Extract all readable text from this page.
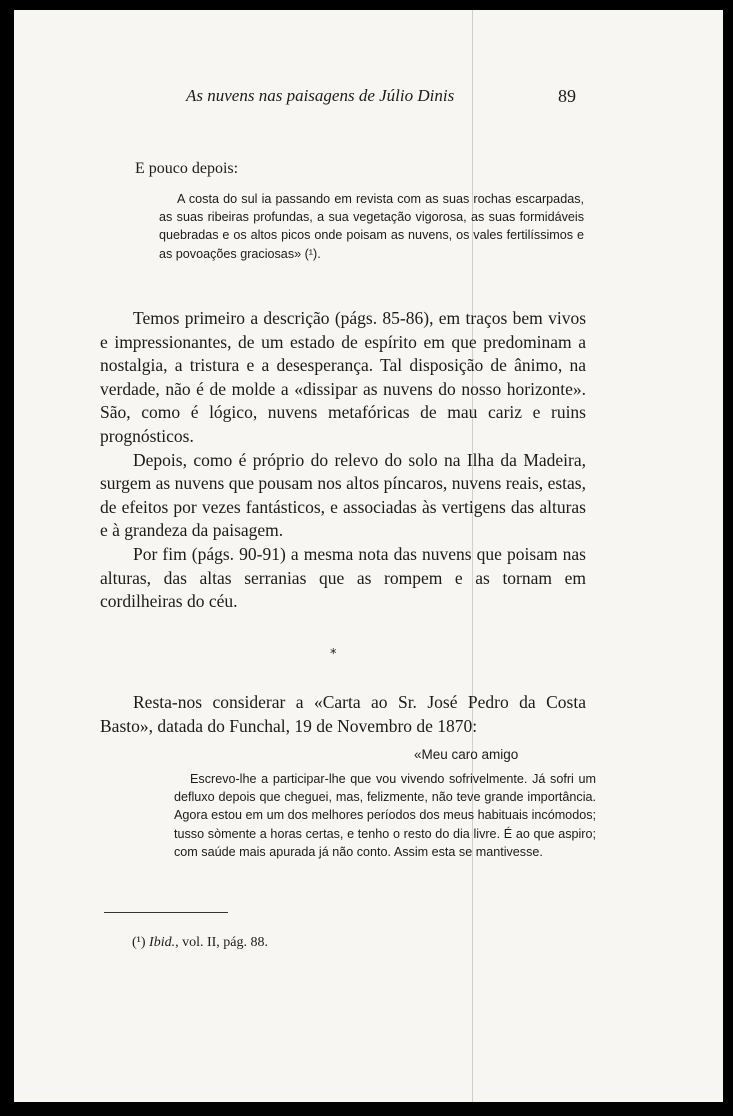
As nuvens nas paisagens de Júlio Dinis	89
E pouco depois:
A costa do sul ia passando em revista com as suas rochas escarpadas, as suas ribeiras profundas, a sua vegetação vigorosa, as suas formidáveis quebradas e os altos picos onde poisam as nuvens, os vales fertilíssimos e as povoações graciosas» (¹).

Temos primeiro a descrição (págs. 85-86), em traços bem vivos e impressionantes, de um estado de espírito em que predominam a nostalgia, a tristura e a desesperança. Tal disposição de ânimo, na verdade, não é de molde a «dissipar as nuvens do nosso horizonte». São, como é lógico, nuvens metafóricas de mau cariz e ruins prognósticos.

Depois, como é próprio do relevo do solo na Ilha da Madeira, surgem as nuvens que pousam nos altos píncaros, nuvens reais, estas, de efeitos por vezes fantásticos, e associadas às vertigens das alturas e à grandeza da paisagem.

Por fim (págs. 90-91) a mesma nota das nuvens que poisam nas alturas, das altas serranias que as rompem e as tornam em cordilheiras do céu.

*

Resta-nos considerar a «Carta ao Sr. José Pedro da Costa Basto», datada do Funchal, 19 de Novembro de 1870:

«Meu caro amigo
Escrevo-lhe a participar-lhe que vou vivendo sofrivelmente. Já sofri um defluxo depois que cheguei, mas, felizmente, não teve grande importância. Agora estou em um dos melhores períodos dos meus habituais incómodos; tusso sòmente a horas certas, e tenho o resto do dia livre. É ao que aspiro; com saúde mais apurada já não conto. Assim esta se mantivesse.
(¹) Ibid., vol. II, pág. 88.
